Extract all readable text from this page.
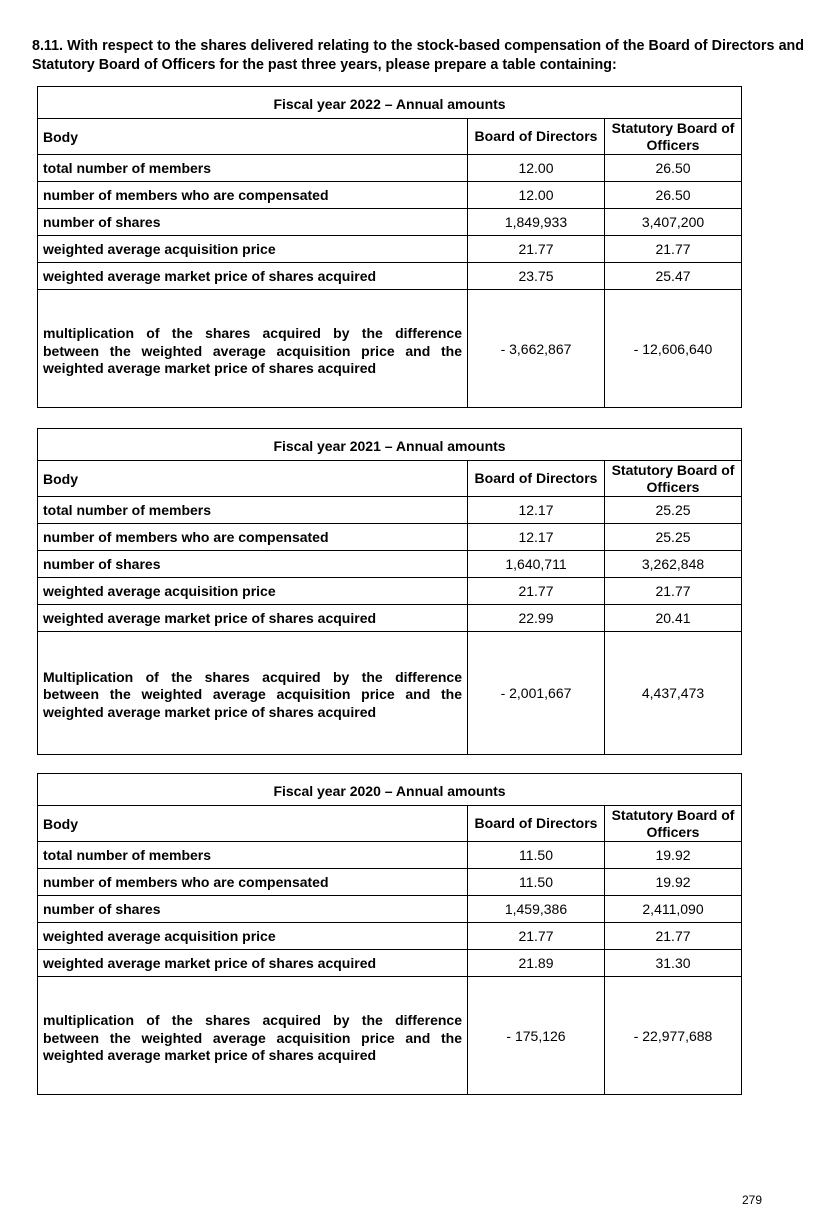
8.11. With respect to the shares delivered relating to the stock-based compensation of the Board of Directors and Statutory Board of Officers for the past three years, please prepare a table containing:
Fiscal year 2022 – Annual amounts		
Body	Board of Directors	Statutory Board of Officers
total number of members	12.00	26.50
number of members who are compensated	12.00	26.50
number of shares	1,849,933	3,407,200
weighted average acquisition price	21.77	21.77
weighted average market price of shares acquired	23.75	25.47
multiplication of the shares acquired by the difference between the weighted average acquisition price and the weighted average market price of shares acquired	- 3,662,867	- 12,606,640
Fiscal year 2021 – Annual amounts		
Body	Board of Directors	Statutory Board of Officers
total number of members	12.17	25.25
number of members who are compensated	12.17	25.25
number of shares	1,640,711	3,262,848
weighted average acquisition price	21.77	21.77
weighted average market price of shares acquired	22.99	20.41
Multiplication of the shares acquired by the difference between the weighted average acquisition price and the weighted average market price of shares acquired	- 2,001,667	4,437,473
Fiscal year 2020 – Annual amounts		
Body	Board of Directors	Statutory Board of Officers
total number of members	11.50	19.92
number of members who are compensated	11.50	19.92
number of shares	1,459,386	2,411,090
weighted average acquisition price	21.77	21.77
weighted average market price of shares acquired	21.89	31.30
multiplication of the shares acquired by the difference between the weighted average acquisition price and the weighted average market price of shares acquired	- 175,126	- 22,977,688
279
